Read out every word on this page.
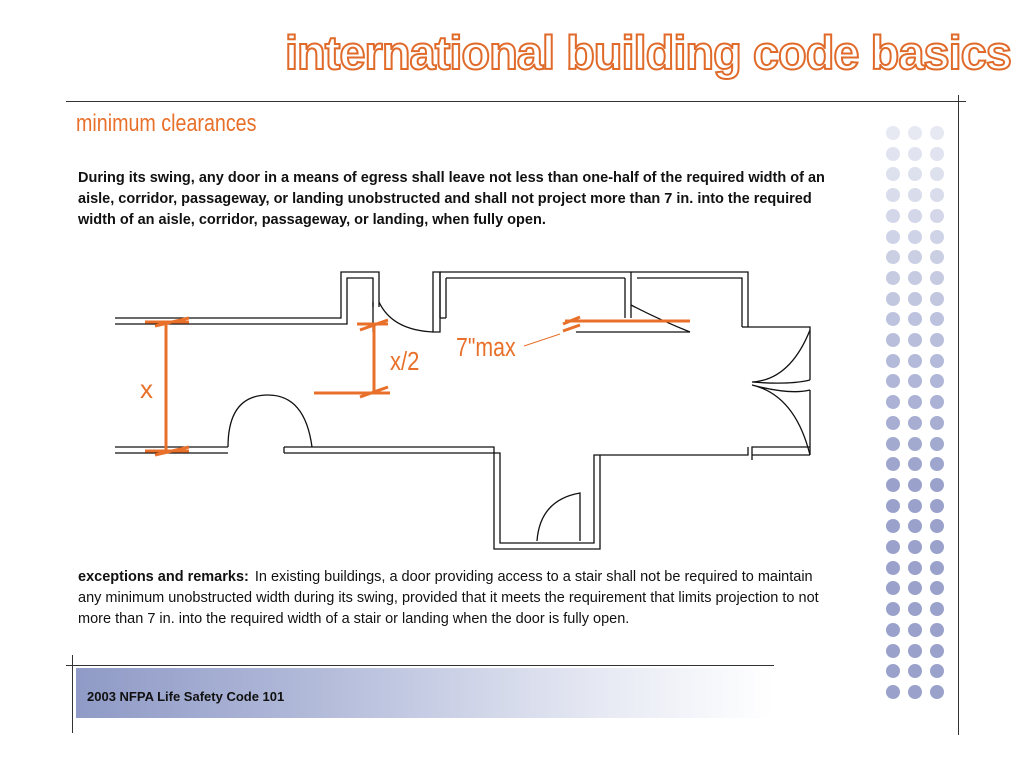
international building code basics
minimum clearances
During its swing, any door in a means of egress shall leave not less than one-half of the required width of an aisle, corridor, passageway, or landing unobstructed and shall not project more than 7 in. into the required width of an aisle, corridor, passageway, or landing, when fully open.
x
x/2 7"max
exceptions and remarks: In existing buildings, a door providing access to a stair shall not be required to maintain any minimum unobstructed width during its swing, provided that it meets the requirement that limits projection to not more than 7 in. into the required width of a stair or landing when the door is fully open.
2003 NFPA Life Safety Code 101
